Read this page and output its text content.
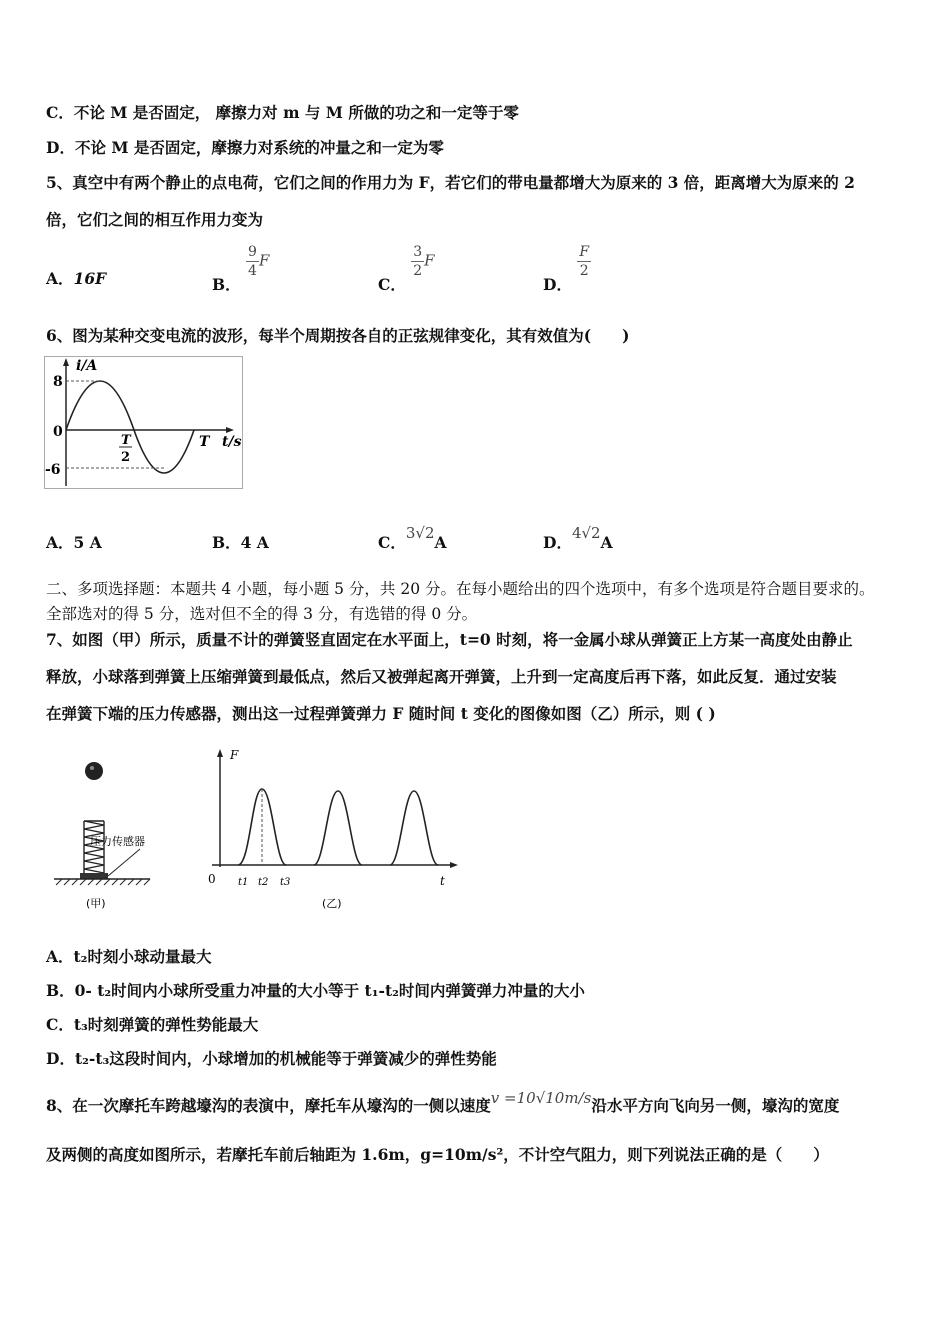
C．不论 M 是否固定， 摩擦力对 m 与 M 所做的功之和一定等于零
D．不论 M 是否固定，摩擦力对系统的冲量之和一定为零
5、真空中有两个静止的点电荷，它们之间的作用力为 F，若它们的带电量都增大为原来的 3 倍，距离增大为原来的 2
倍，它们之间的相互作用力变为
A．16F	B．
$\frac{9}{4}$ F
C．
$\frac{3}{2}$ F
D．
$\frac{F}{2}$
6、图为某种交变电流的波形，每半个周期按各自的正弦规律变化，其有效值为(　　)
i/A
8
0
-6
T
2
T t/s
A．5 A	B．4 A	C．3√2A	D．4√2A
二、多项选择题：本题共 4 小题，每小题 5 分，共 20 分。在每小题给出的四个选项中，有多个选项是符合题目要求的。
全部选对的得 5 分，选对但不全的得 3 分，有选错的得 0 分。
7、如图（甲）所示，质量不计的弹簧竖直固定在水平面上，t=0 时刻，将一金属小球从弹簧正上方某一高度处由静止
释放，小球落到弹簧上压缩弹簧到最低点，然后又被弹起离开弹簧，上升到一定高度后再下落，如此反复．通过安装
在弹簧下端的压力传感器，测出这一过程弹簧弹力 F 随时间 t 变化的图像如图（乙）所示，则 ( )
压力传感器
(甲)
F
0 t1 t2 t3	t
(乙)
A．t₂时刻小球动量最大
B．0- t₂时间内小球所受重力冲量的大小等于 t₁-t₂时间内弹簧弹力冲量的大小
C．t₃时刻弹簧的弹性势能最大
D．t₂-t₃这段时间内，小球增加的机械能等于弹簧减少的弹性势能
8、在一次摩托车跨越壕沟的表演中，摩托车从壕沟的一侧以速度v =10√10m/s沿水平方向飞向另一侧，壕沟的宽度
及两侧的高度如图所示，若摩托车前后轴距为 1.6m，g=10m/s²，不计空气阻力，则下列说法正确的是（　　）
